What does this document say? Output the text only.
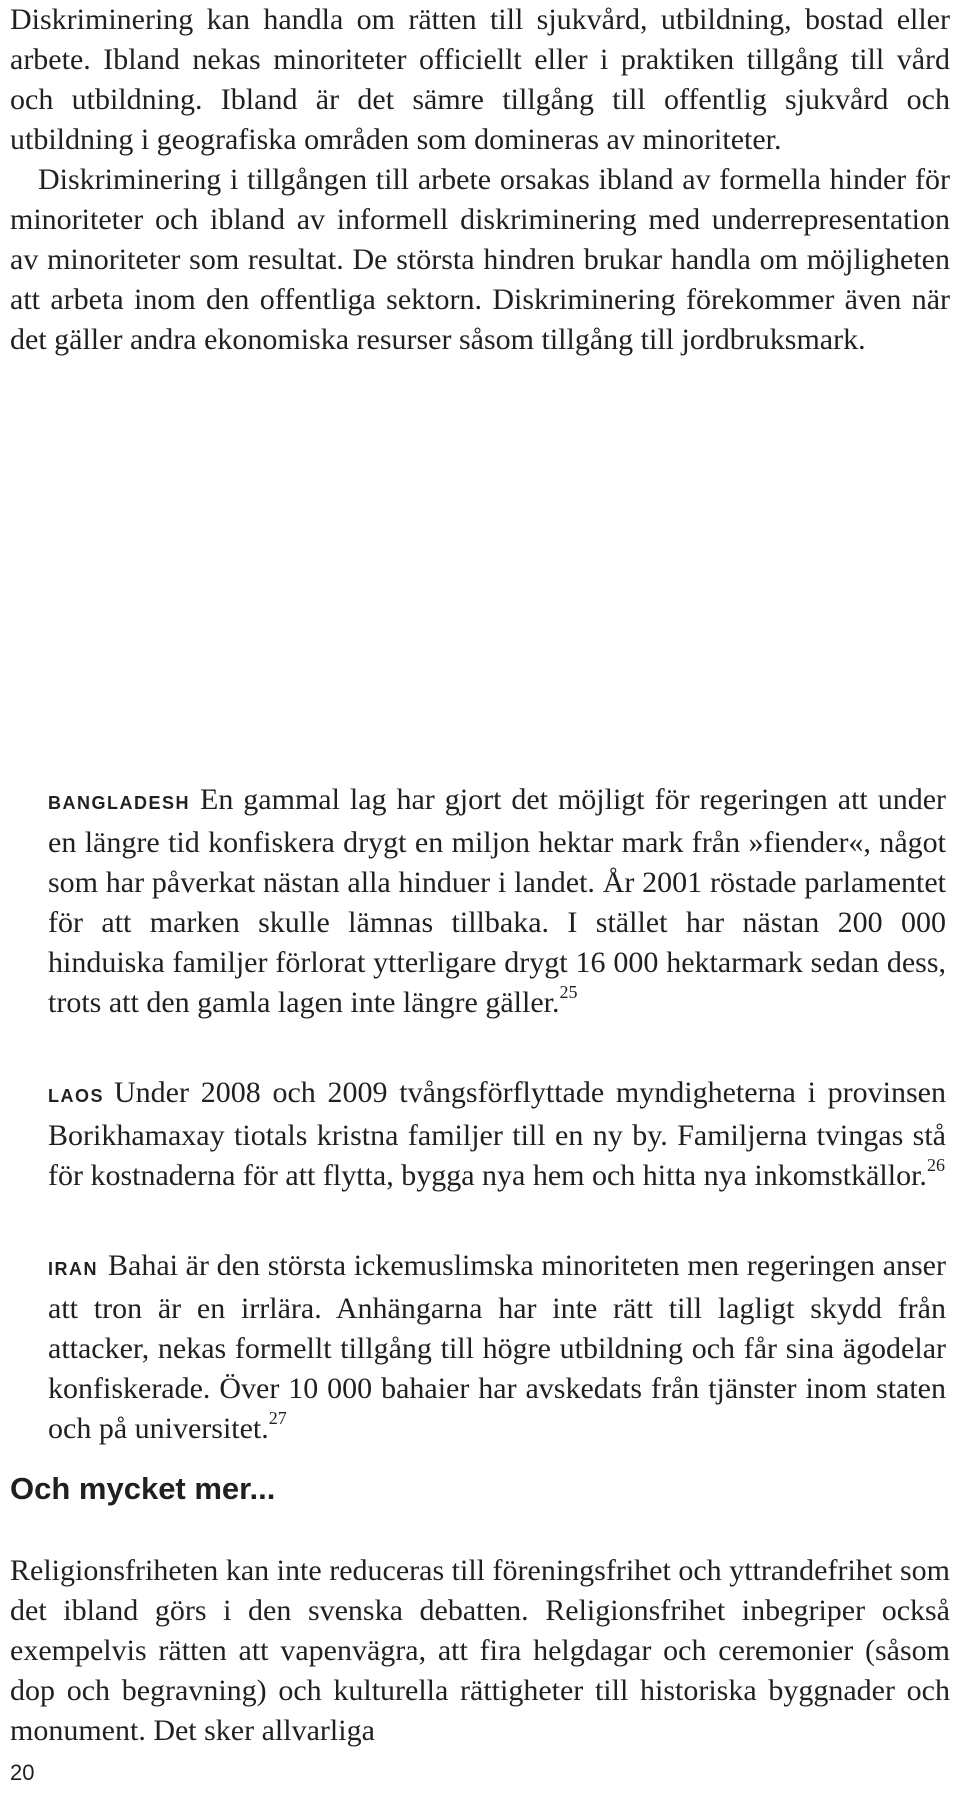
Diskriminering kan handla om rätten till sjukvård, utbildning, bostad eller arbete. Ibland nekas minoriteter officiellt eller i praktiken tillgång till vård och utbildning. Ibland är det sämre tillgång till offentlig sjukvård och utbildning i geografiska områden som domineras av minoriteter.

Diskriminering i tillgången till arbete orsakas ibland av formella hinder för minoriteter och ibland av informell diskriminering med underrepresentation av minoriteter som resultat. De största hindren brukar handla om möjligheten att arbeta inom den offentliga sektorn. Diskriminering förekommer även när det gäller andra ekonomiska resurser såsom tillgång till jordbruksmark.

BANGLADESH En gammal lag har gjort det möjligt för regeringen att under en längre tid konfiskera drygt en miljon hektar mark från »fiender«, något som har påverkat nästan alla hinduer i landet. År 2001 röstade parlamentet för att marken skulle lämnas tillbaka. I stället har nästan 200 000 hinduiska familjer förlorat ytterligare drygt 16 000 hektarmark sedan dess, trots att den gamla lagen inte längre gäller.$^{25}$

LAOS Under 2008 och 2009 tvångsförflyttade myndigheterna i provinsen Borikhamaxay tiotals kristna familjer till en ny by. Familjerna tvingas stå för kostnaderna för att flytta, bygga nya hem och hitta nya inkomstkällor.$^{26}$

IRAN Bahai är den största ickemuslimska minoriteten men regeringen anser att tron är en irrlära. Anhängarna har inte rätt till lagligt skydd från attacker, nekas formellt tillgång till högre utbildning och får sina ägodelar konfiskerade. Över 10 000 bahaier har avskedats från tjänster inom staten och på universitet.$^{27}$

Och mycket mer...

Religionsfriheten kan inte reduceras till föreningsfrihet och yttrandefrihet som det ibland görs i den svenska debatten. Religionsfrihet inbegriper också exempelvis rätten att vapenvägra, att fira helgdagar och ceremonier (såsom dop och begravning) och kulturella rättigheter till historiska byggnader och monument. Det sker allvarliga

20
